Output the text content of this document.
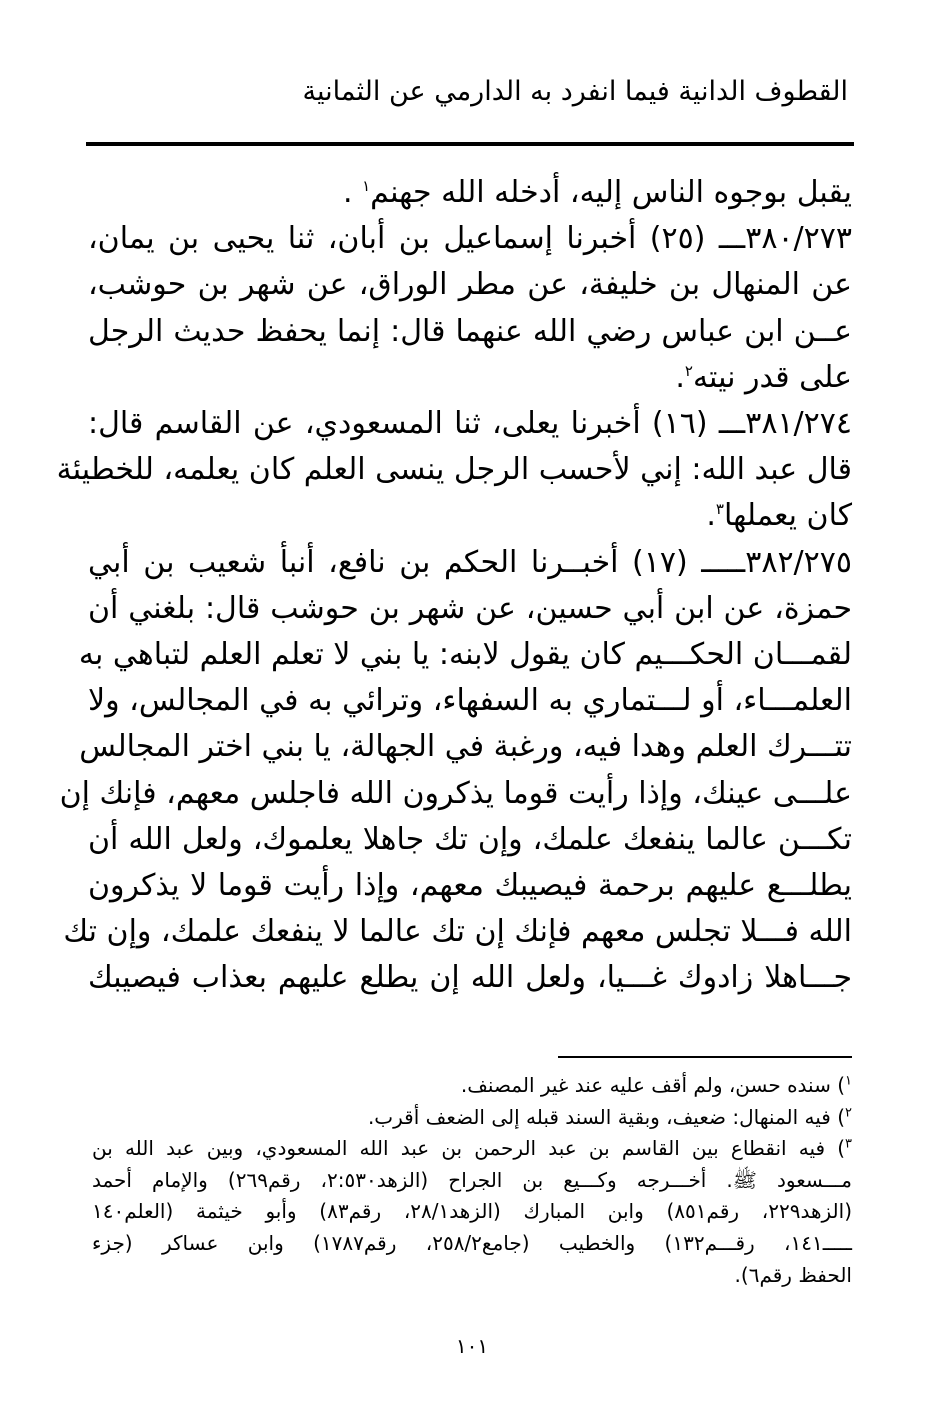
القطوف الدانية فيما انفرد به الدارمي عن الثمانية
يقبل بوجوه الناس إليه، أدخله الله جهنم$^١$ .
٣٨٠/٢٧٣ـــ (٢٥) أخبرنا إسماعيل بن أبان، ثنا يحيى بن يمان،
عن المنهال بن خليفة، عن مطر الوراق، عن شهر بن حوشب،
عــن ابن عباس رضي الله عنهما قال: إنما يحفظ حديث الرجل
على قدر نيته$^٢$.
٣٨١/٢٧٤ـــ (١٦) أخبرنا يعلى، ثنا المسعودي، عن القاسم قال:
قال عبد الله: إني لأحسب الرجل ينسى العلم كان يعلمه، للخطيئة
كان يعملها$^٣$.
٣٨٢/٢٧٥ـــــ (١٧) أخبــرنا الحكم بن نافع، أنبأ شعيب بن أبي
حمزة، عن ابن أبي حسين، عن شهر بن حوشب قال: بلغني أن
لقمـــان الحكـــيم كان يقول لابنه: يا بني لا تعلم العلم لتباهي به
العلمـــاء، أو لـــتماري به السفهاء، وترائي به في المجالس، ولا
تتـــرك العلم وهدا فيه، ورغبة في الجهالة، يا بني اختر المجالس
علـــى عينك، وإذا رأيت قوما يذكرون الله فاجلس معهم، فإنك إن
تكـــن عالما ينفعك علمك، وإن تك جاهلا يعلموك، ولعل الله أن
يطلـــع عليهم برحمة فيصيبك معهم، وإذا رأيت قوما لا يذكرون
الله فـــلا تجلس معهم فإنك إن تك عالما لا ينفعك علمك، وإن تك
جـــاهلا زادوك غـــيا، ولعل الله إن يطلع عليهم بعذاب فيصيبك
$^١$) سنده حسن، ولم أقف عليه عند غير المصنف.
$^٢$) فيه المنهال: ضعيف، وبقية السند قبله إلى الضعف أقرب.
$^٣$) فيه انقطاع بين القاسم بن عبد الرحمن بن عبد الله المسعودي، وبين عبد الله بن
مـــسعود ﷺ. أخـــرجه وكـــيع بن الجراح (الزهد٢:٥٣٠، رقم٢٦٩) والإمام أحمد
(الزهد٢٢٩، رقم٨٥١) وابن المبارك (الزهد٢٨/١، رقم٨٣) وأبو خيثمة (العلم١٤٠
ـــــ١٤١، رقـــم١٣٢) والخطيب (جامع٢٥٨/٢، رقم١٧٨٧) وابن عساكر (جزء
الحفظ رقم٦).
١٠١
